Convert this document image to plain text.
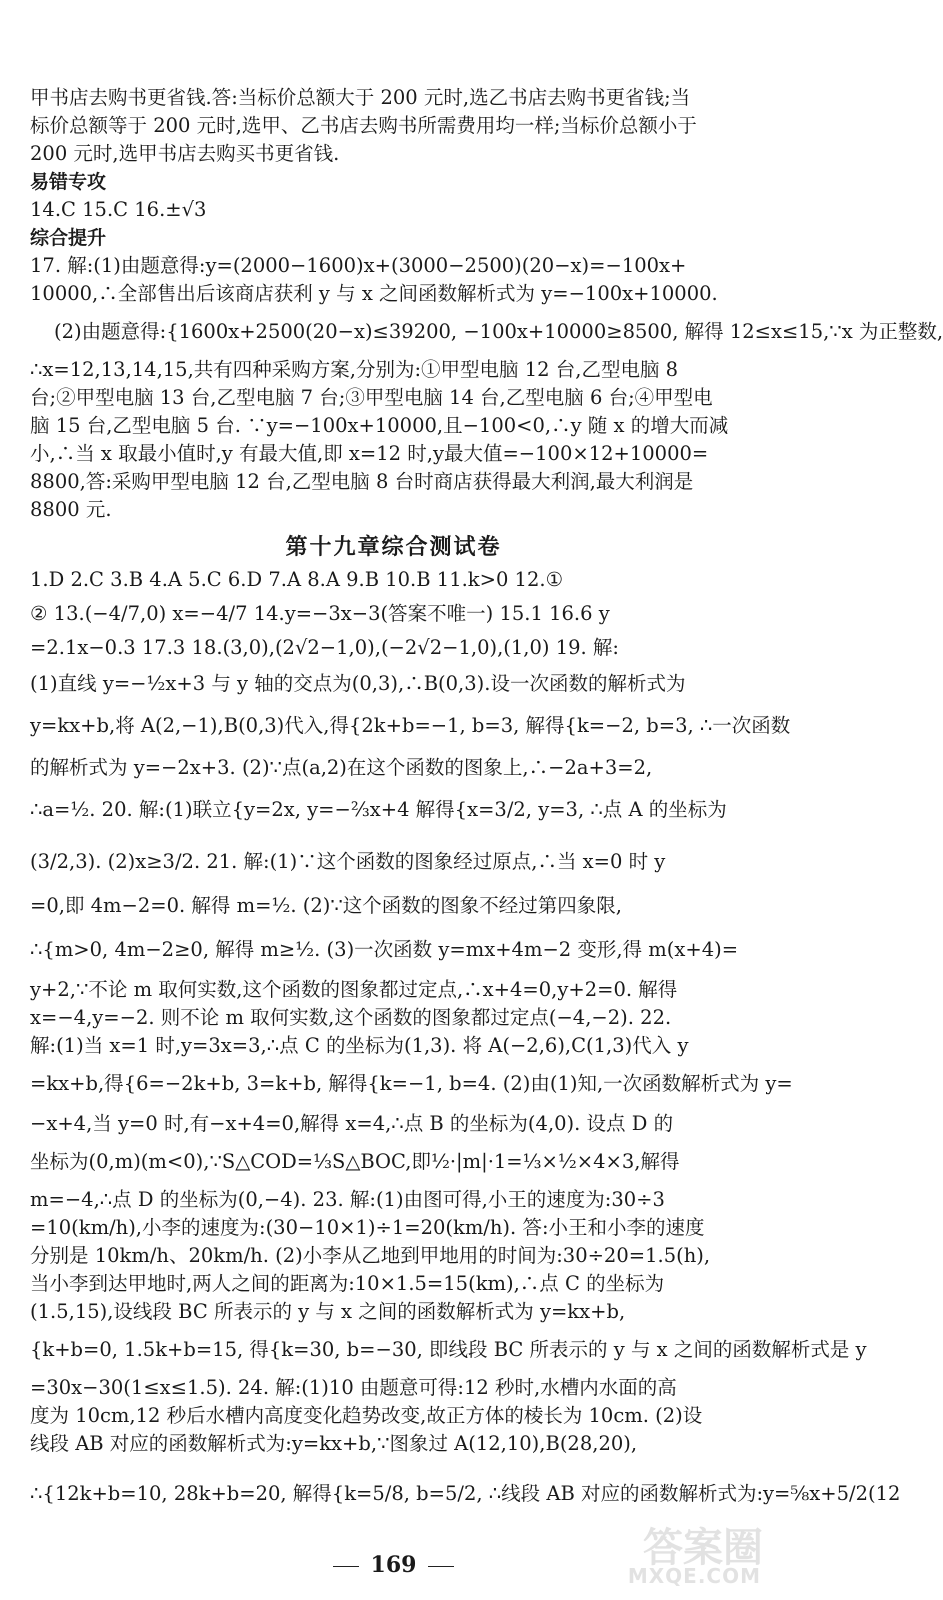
甲书店去购书更省钱.答:当标价总额大于 200 元时,选乙书店去购书更省钱;当
标价总额等于 200 元时,选甲、乙书店去购书所需费用均一样;当标价总额小于
200 元时,选甲书店去购买书更省钱.
易错专攻
14.C 15.C 16.±√3
综合提升
17. 解:(1)由题意得:y=(2000−1600)x+(3000−2500)(20−x)=−100x+
10000,∴全部售出后该商店获利 y 与 x 之间函数解析式为 y=−100x+10000.
(2)由题意得:{1600x+2500(20−x)≤39200, −100x+10000≥8500, 解得 12≤x≤15,∵x 为正整数,
∴x=12,13,14,15,共有四种采购方案,分别为:①甲型电脑 12 台,乙型电脑 8
台;②甲型电脑 13 台,乙型电脑 7 台;③甲型电脑 14 台,乙型电脑 6 台;④甲型电
脑 15 台,乙型电脑 5 台. ∵y=−100x+10000,且−100<0,∴y 随 x 的增大而减
小,∴当 x 取最小值时,y 有最大值,即 x=12 时,y最大值=−100×12+10000=
8800,答:采购甲型电脑 12 台,乙型电脑 8 台时商店获得最大利润,最大利润是
8800 元.
第十九章综合测试卷
1.D 2.C 3.B 4.A 5.C 6.D 7.A 8.A 9.B 10.B 11.k>0 12.①
② 13.(−4/7,0) x=−4/7 14.y=−3x−3(答案不唯一) 15.1 16.6 y
=2.1x−0.3 17.3 18.(3,0),(2√2−1,0),(−2√2−1,0),(1,0) 19. 解:
(1)直线 y=−½x+3 与 y 轴的交点为(0,3),∴B(0,3).设一次函数的解析式为
y=kx+b,将 A(2,−1),B(0,3)代入,得{2k+b=−1, b=3, 解得{k=−2, b=3, ∴一次函数
的解析式为 y=−2x+3. (2)∵点(a,2)在这个函数的图象上,∴−2a+3=2,
∴a=½. 20. 解:(1)联立{y=2x, y=−⅔x+4 解得{x=3/2, y=3, ∴点 A 的坐标为
(3/2,3). (2)x≥3/2. 21. 解:(1)∵这个函数的图象经过原点,∴当 x=0 时 y
=0,即 4m−2=0. 解得 m=½. (2)∵这个函数的图象不经过第四象限,
∴{m>0, 4m−2≥0, 解得 m≥½. (3)一次函数 y=mx+4m−2 变形,得 m(x+4)=
y+2,∵不论 m 取何实数,这个函数的图象都过定点,∴x+4=0,y+2=0. 解得
x=−4,y=−2. 则不论 m 取何实数,这个函数的图象都过定点(−4,−2). 22.
解:(1)当 x=1 时,y=3x=3,∴点 C 的坐标为(1,3). 将 A(−2,6),C(1,3)代入 y
=kx+b,得{6=−2k+b, 3=k+b, 解得{k=−1, b=4. (2)由(1)知,一次函数解析式为 y=
−x+4,当 y=0 时,有−x+4=0,解得 x=4,∴点 B 的坐标为(4,0). 设点 D 的
坐标为(0,m)(m<0),∵S△COD=⅓S△BOC,即½·|m|·1=⅓×½×4×3,解得
m=−4,∴点 D 的坐标为(0,−4). 23. 解:(1)由图可得,小王的速度为:30÷3
=10(km/h),小李的速度为:(30−10×1)÷1=20(km/h). 答:小王和小李的速度
分别是 10km/h、20km/h. (2)小李从乙地到甲地用的时间为:30÷20=1.5(h),
当小李到达甲地时,两人之间的距离为:10×1.5=15(km),∴点 C 的坐标为
(1.5,15),设线段 BC 所表示的 y 与 x 之间的函数解析式为 y=kx+b,
{k+b=0, 1.5k+b=15, 得{k=30, b=−30, 即线段 BC 所表示的 y 与 x 之间的函数解析式是 y
=30x−30(1≤x≤1.5). 24. 解:(1)10 由题意可得:12 秒时,水槽内水面的高
度为 10cm,12 秒后水槽内高度变化趋势改变,故正方体的棱长为 10cm. (2)设
线段 AB 对应的函数解析式为:y=kx+b,∵图象过 A(12,10),B(28,20),
∴{12k+b=10, 28k+b=20, 解得{k=5/8, b=5/2, ∴线段 AB 对应的函数解析式为:y=⅝x+5/2(12
169	答案圈
MXQE.COM
